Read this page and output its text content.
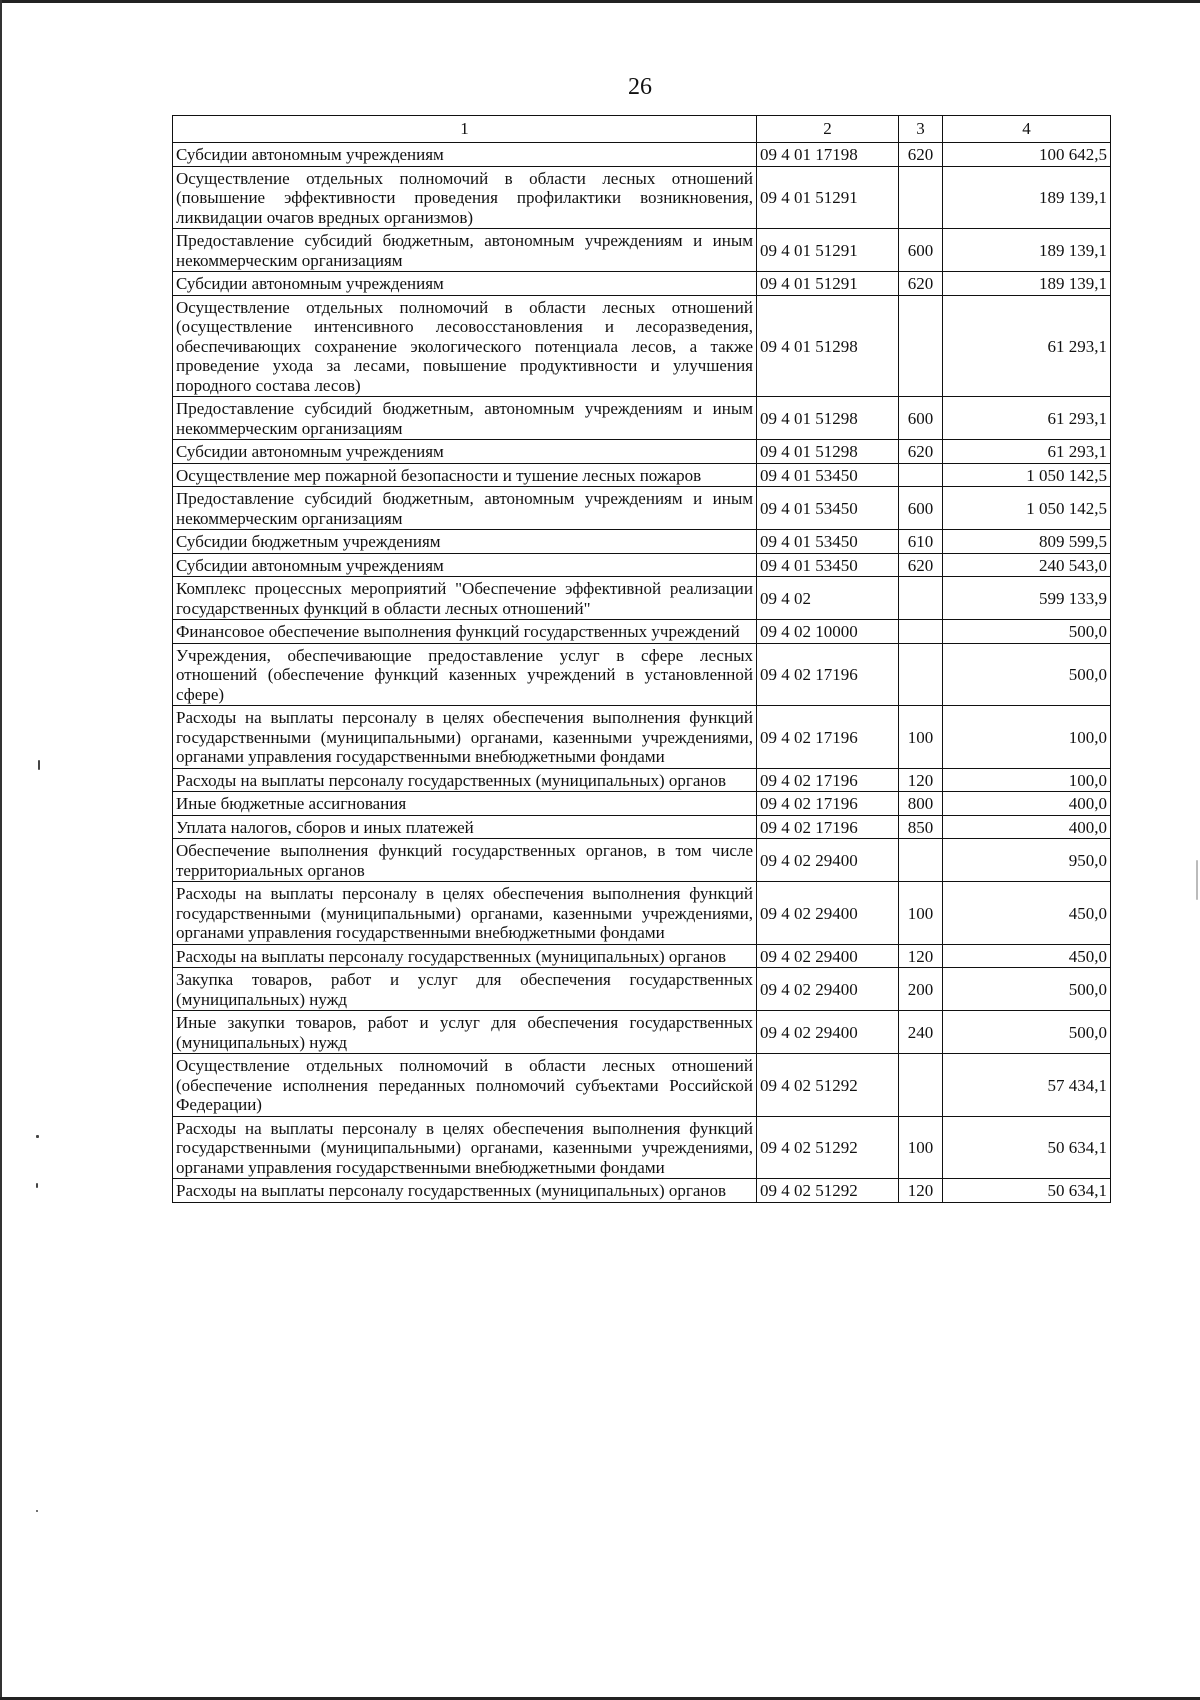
26
1	2	3	4
Субсидии автономным учреждениям	09 4 01 17198	620	100 642,5
Осуществление отдельных полномочий в области лесных отношений (повышение эффективности проведения профилактики возникновения, ликвидации очагов вредных организмов)	09 4 01 51291		189 139,1
Предоставление субсидий бюджетным, автономным учреждениям и иным некоммерческим организациям	09 4 01 51291	600	189 139,1
Субсидии автономным учреждениям	09 4 01 51291	620	189 139,1
Осуществление отдельных полномочий в области лесных отношений (осуществление интенсивного лесовосстановления и лесоразведения, обеспечивающих сохранение экологического потенциала лесов, а также проведение ухода за лесами, повышение продуктивности и улучшения породного состава лесов)	09 4 01 51298		61 293,1
Предоставление субсидий бюджетным, автономным учреждениям и иным некоммерческим организациям	09 4 01 51298	600	61 293,1
Субсидии автономным учреждениям	09 4 01 51298	620	61 293,1
Осуществление мер пожарной безопасности и тушение лесных пожаров	09 4 01 53450		1 050 142,5
Предоставление субсидий бюджетным, автономным учреждениям и иным некоммерческим организациям	09 4 01 53450	600	1 050 142,5
Субсидии бюджетным учреждениям	09 4 01 53450	610	809 599,5
Субсидии автономным учреждениям	09 4 01 53450	620	240 543,0
Комплекс процессных мероприятий "Обеспечение эффективной реализации государственных функций в области лесных отношений"	09 4 02		599 133,9
Финансовое обеспечение выполнения функций государственных учреждений	09 4 02 10000		500,0
Учреждения, обеспечивающие предоставление услуг в сфере лесных отношений (обеспечение функций казенных учреждений в установленной сфере)	09 4 02 17196		500,0
Расходы на выплаты персоналу в целях обеспечения выполнения функций государственными (муниципальными) органами, казенными учреждениями, органами управления государственными внебюджетными фондами	09 4 02 17196	100	100,0
Расходы на выплаты персоналу государственных (муниципальных) органов	09 4 02 17196	120	100,0
Иные бюджетные ассигнования	09 4 02 17196	800	400,0
Уплата налогов, сборов и иных платежей	09 4 02 17196	850	400,0
Обеспечение выполнения функций государственных органов, в том числе территориальных органов	09 4 02 29400		950,0
Расходы на выплаты персоналу в целях обеспечения выполнения функций государственными (муниципальными) органами, казенными учреждениями, органами управления государственными внебюджетными фондами	09 4 02 29400	100	450,0
Расходы на выплаты персоналу государственных (муниципальных) органов	09 4 02 29400	120	450,0
Закупка товаров, работ и услуг для обеспечения государственных (муниципальных) нужд	09 4 02 29400	200	500,0
Иные закупки товаров, работ и услуг для обеспечения государственных (муниципальных) нужд	09 4 02 29400	240	500,0
Осуществление отдельных полномочий в области лесных отношений (обеспечение исполнения переданных полномочий субъектами Российской Федерации)	09 4 02 51292		57 434,1
Расходы на выплаты персоналу в целях обеспечения выполнения функций государственными (муниципальными) органами, казенными учреждениями, органами управления государственными внебюджетными фондами	09 4 02 51292	100	50 634,1
Расходы на выплаты персоналу государственных (муниципальных) органов	09 4 02 51292	120	50 634,1
